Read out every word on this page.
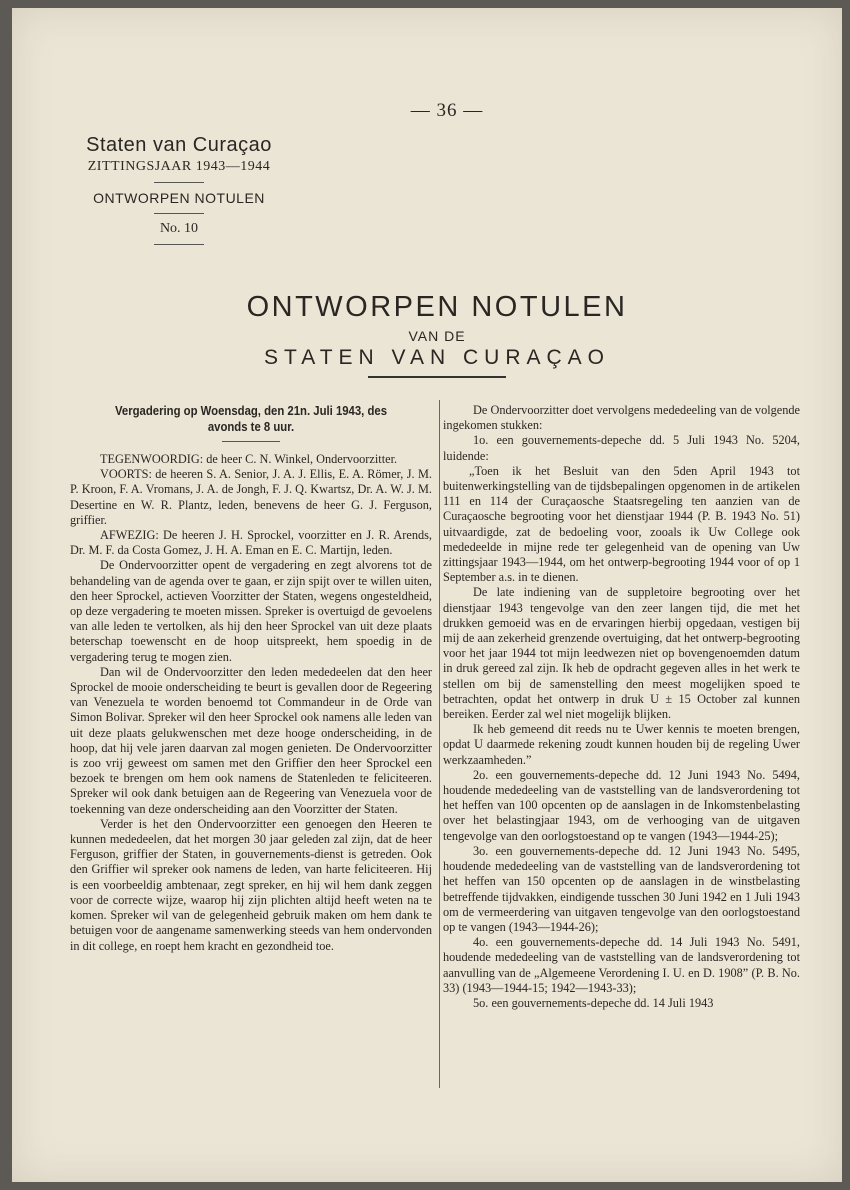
— 36 —
Staten van Curaçao
ZITTINGSJAAR 1943—1944
ONTWORPEN NOTULEN
No. 10
ONTWORPEN NOTULEN
VAN DE
STATEN VAN CURAÇAO
Vergadering op Woensdag, den 21n. Juli 1943, des avonds te 8 uur.

TEGENWOORDIG: de heer C. N. Winkel, Ondervoorzitter.

VOORTS: de heeren S. A. Senior, J. A. J. Ellis, E. A. Römer, J. M. P. Kroon, F. A. Vromans, J. A. de Jongh, F. J. Q. Kwartsz, Dr. A. W. J. M. Desertine en W. R. Plantz, leden, benevens de heer G. J. Ferguson, griffier.

AFWEZIG: De heeren J. H. Sprockel, voorzitter en J. R. Arends, Dr. M. F. da Costa Gomez, J. H. A. Eman en E. C. Martijn, leden.

De Ondervoorzitter opent de vergadering en zegt alvorens tot de behandeling van de agenda over te gaan, er zijn spijt over te willen uiten, den heer Sprockel, actieven Voorzitter der Staten, wegens ongesteldheid, op deze vergadering te moeten missen. Spreker is overtuigd de gevoelens van alle leden te vertolken, als hij den heer Sprockel van uit deze plaats beterschap toewenscht en de hoop uitspreekt, hem spoedig in de vergadering terug te mogen zien.

Dan wil de Ondervoorzitter den leden mededeelen dat den heer Sprockel de mooie onderscheiding te beurt is gevallen door de Regeering van Venezuela te worden benoemd tot Commandeur in de Orde van Simon Bolivar. Spreker wil den heer Sprockel ook namens alle leden van uit deze plaats gelukwenschen met deze hooge onderscheiding, in de hoop, dat hij vele jaren daarvan zal mogen genieten. De Ondervoorzitter is zoo vrij geweest om samen met den Griffier den heer Sprockel een bezoek te brengen om hem ook namens de Statenleden te feliciteeren. Spreker wil ook dank betuigen aan de Regeering van Venezuela voor de toekenning van deze onderscheiding aan den Voorzitter der Staten.

Verder is het den Ondervoorzitter een genoegen den Heeren te kunnen mededeelen, dat het morgen 30 jaar geleden zal zijn, dat de heer Ferguson, griffier der Staten, in gouvernements-dienst is getreden. Ook den Griffier wil spreker ook namens de leden, van harte feliciteeren. Hij is een voorbeeldig ambtenaar, zegt spreker, en hij wil hem dank zeggen voor de correcte wijze, waarop hij zijn plichten altijd heeft weten na te komen. Spreker wil van de gelegenheid gebruik maken om hem dank te betuigen voor de aangename samenwerking steeds van hem ondervonden in dit college, en roept hem kracht en gezondheid toe.

De Ondervoorzitter doet vervolgens mededeeling van de volgende ingekomen stukken:

1o. een gouvernements-depeche dd. 5 Juli 1943 No. 5204, luidende:

„Toen ik het Besluit van den 5den April 1943 tot buitenwerkingstelling van de tijdsbepalingen opgenomen in de artikelen 111 en 114 der Curaçaosche Staatsregeling ten aanzien van de Curaçaosche begrooting voor het dienstjaar 1944 (P. B. 1943 No. 51) uitvaardigde, zat de bedoeling voor, zooals ik Uw College ook mededeelde in mijne rede ter gelegenheid van de opening van Uw zittingsjaar 1943—1944, om het ontwerp-begrooting 1944 voor of op 1 September a.s. in te dienen.

De late indiening van de suppletoire begrooting over het dienstjaar 1943 tengevolge van den zeer langen tijd, die met het drukken gemoeid was en de ervaringen hierbij opgedaan, vestigen bij mij de aan zekerheid grenzende overtuiging, dat het ontwerp-begrooting voor het jaar 1944 tot mijn leedwezen niet op bovengenoemden datum in druk gereed zal zijn. Ik heb de opdracht gegeven alles in het werk te stellen om bij de samenstelling den meest mogelijken spoed te betrachten, opdat het ontwerp in druk U ± 15 October zal kunnen bereiken. Eerder zal wel niet mogelijk blijken.

Ik heb gemeend dit reeds nu te Uwer kennis te moeten brengen, opdat U daarmede rekening zoudt kunnen houden bij de regeling Uwer werkzaamheden.”

2o. een gouvernements-depeche dd. 12 Juni 1943 No. 5494, houdende mededeeling van de vaststelling van de landsverordening tot het heffen van 100 opcenten op de aanslagen in de Inkomstenbelasting over het belastingjaar 1943, om de verhooging van de uitgaven tengevolge van den oorlogstoestand op te vangen (1943—1944-25);

3o. een gouvernements-depeche dd. 12 Juni 1943 No. 5495, houdende mededeeling van de vaststelling van de landsverordening tot het heffen van 150 opcenten op de aanslagen in de winstbelasting betreffende tijdvakken, eindigende tusschen 30 Juni 1942 en 1 Juli 1943 om de vermeerdering van uitgaven tengevolge van den oorlogstoestand op te vangen (1943—1944-26);

4o. een gouvernements-depeche dd. 14 Juli 1943 No. 5491, houdende mededeeling van de vaststelling van de landsverordening tot aanvulling van de „Algemeene Verordening I. U. en D. 1908” (P. B. No. 33) (1943—1944-15; 1942—1943-33);

5o. een gouvernements-depeche dd. 14 Juli 1943
